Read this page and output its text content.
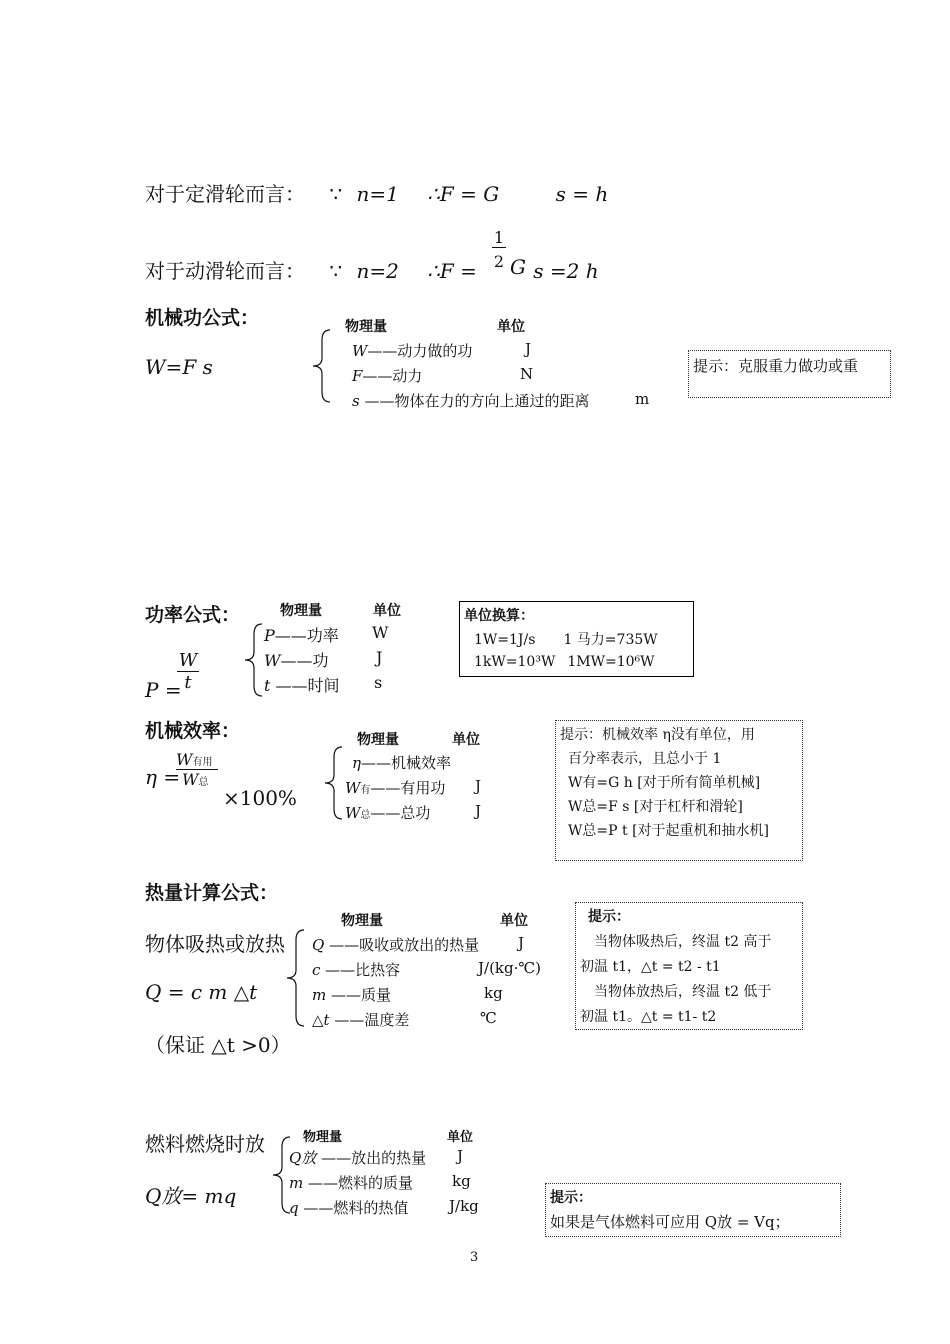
对于定滑轮而言： ∵ n=1 ∴F = G	s = h
对于动滑轮而言： ∵ n=2 ∴F =	s =2 h
$\frac{1}{2}$ G
机械功公式：
W=F s
物理量	单位
W——动力做的功	J
F——动力	N
s ——物体在力的方向上通过的距离	m
提示：克服重力做功或重
功率公式：
P =
$\frac{W}{t}$
物理量	单位
P——功率 W
W——功	J
t ——时间 s
单位换算：
1W=1J/s 1 马力=735W
1kW=10³W 1MW=10⁶W
机械效率：
η =
W有用
W总
×100%
物理量	单位
η——机械效率
W有——有用功 J
W总——总功	J
提示：机械效率 η没有单位，用
百分率表示，且总小于 1
W有=G h [对于所有简单机械]
W总=F s [对于杠杆和滑轮]
W总=P t [对于起重机和抽水机]
热量计算公式：
物体吸热或放热
Q = c m △t
（保证 △t >0）
物理量	单位
Q ——吸收或放出的热量	J
c ——比热容	J/(kg·℃)
m ——质量	kg
△t ——温度差	℃
提示：
　当物体吸热后，终温 t2 高于
初温 t1，△t = t2 - t1
　当物体放热后，终温 t2 低于
初温 t1。△t = t1- t2
燃料燃烧时放
Q放= mq
物理量	单位
Q放 ——放出的热量 J
m ——燃料的质量	kg
q ——燃料的热值	J/kg	提示：
如果是气体燃料可应用 Q放 = Vq；
3
